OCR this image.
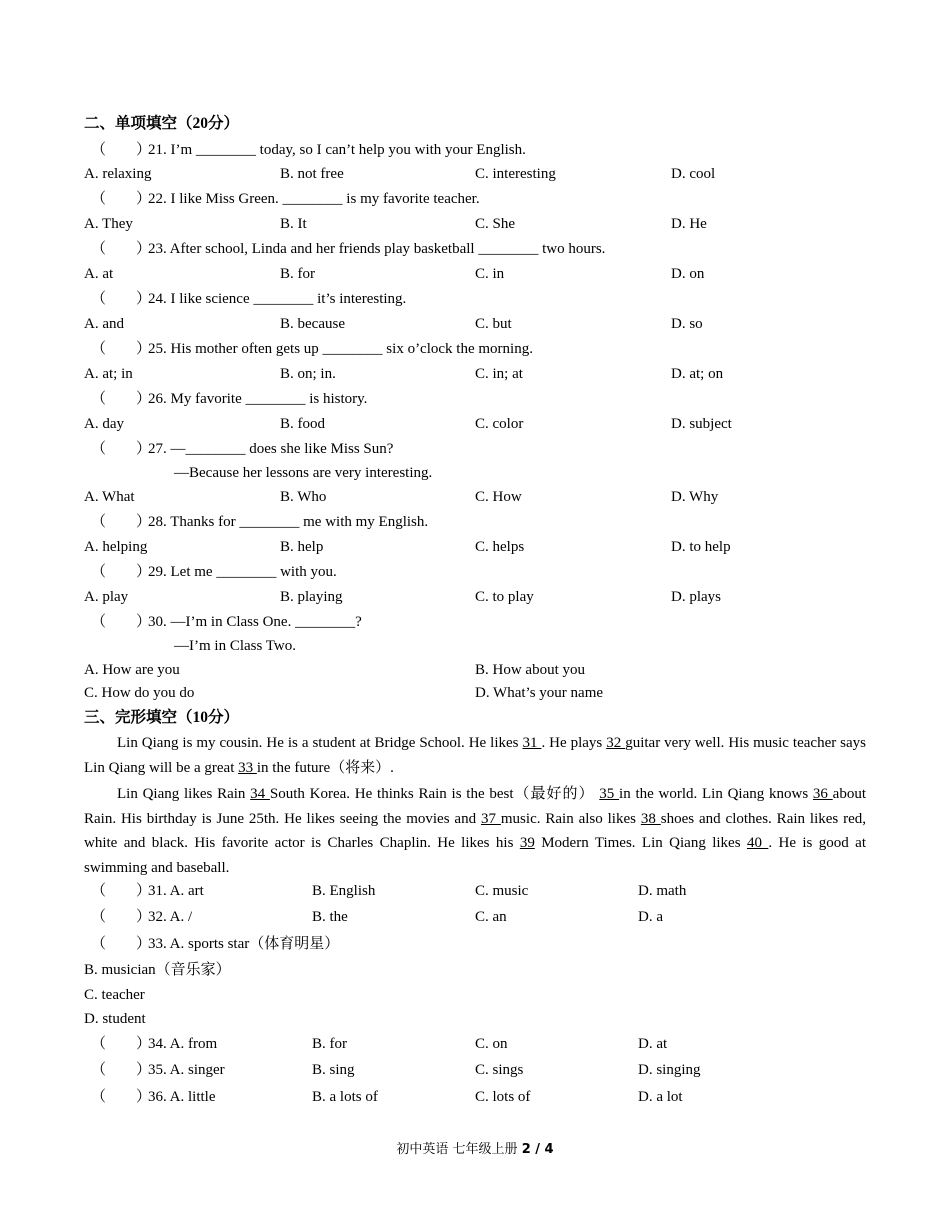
二、单项填空（20分）
（　　）
21. I’m ________ today, so I can’t help you with your English.
A. relaxing	B. not free	C. interesting	D. cool
（　　）
22. I like Miss Green. ________ is my favorite teacher.
A. They	B. It	C. She	D. He
（　　）
23. After school, Linda and her friends play basketball ________ two hours.
A. at	B. for	C. in	D. on
（　　）
24. I like science ________ it’s interesting.
A. and	B. because	C. but	D. so
（　　）
25. His mother often gets up ________ six o’clock the morning.
A. at; in	B. on; in.	C. in; at	D. at; on
（　　）
26. My favorite ________ is history.
A. day	B. food	C. color	D. subject
（　　）
27. —________ does she like Miss Sun?
—Because her lessons are very interesting.
A. What	B. Who	C. How	D. Why
（　　）
28. Thanks for ________ me with my English.
A. helping	B. help	C. helps	D. to help
（　　）
29. Let me ________ with you.
A. play	B. playing	C. to play	D. plays
（　　）
30. —I’m in Class One. ________?
—I’m in Class Two.
A. How are you	B. How about you
C. How do you do	D. What’s your name
三、完形填空（10分）
Lin Qiang is my cousin. He is a student at Bridge School. He likes 31 . He plays 32 guitar very well. His music teacher says Lin Qiang will be a great 33 in the future（将来）.
Lin Qiang likes Rain 34 South Korea. He thinks Rain is the best（最好的） 35 in the world. Lin Qiang knows 36 about Rain. His birthday is June 25th. He likes seeing the movies and 37 music. Rain also likes 38 shoes and clothes. Rain likes red, white and black. His favorite actor is Charles Chaplin. He likes his 39 Modern Times. Lin Qiang likes 40 . He is good at swimming and baseball.
（　　）
31. A. art	B. English	C. music	D. math
（　　）
32. A. /	B. the	C. an	D. a
（　　）
33. A. sports star（体育明星）
B. musician（音乐家）
C. teacher
D. student
（　　）
34. A. from	B. for	C. on	D. at
（　　）
35. A. singer	B. sing	C. sings	D. singing
（　　）
36. A. little	B. a lots of	C. lots of	D. a lot
初中英语 七年级上册 2 / 4
